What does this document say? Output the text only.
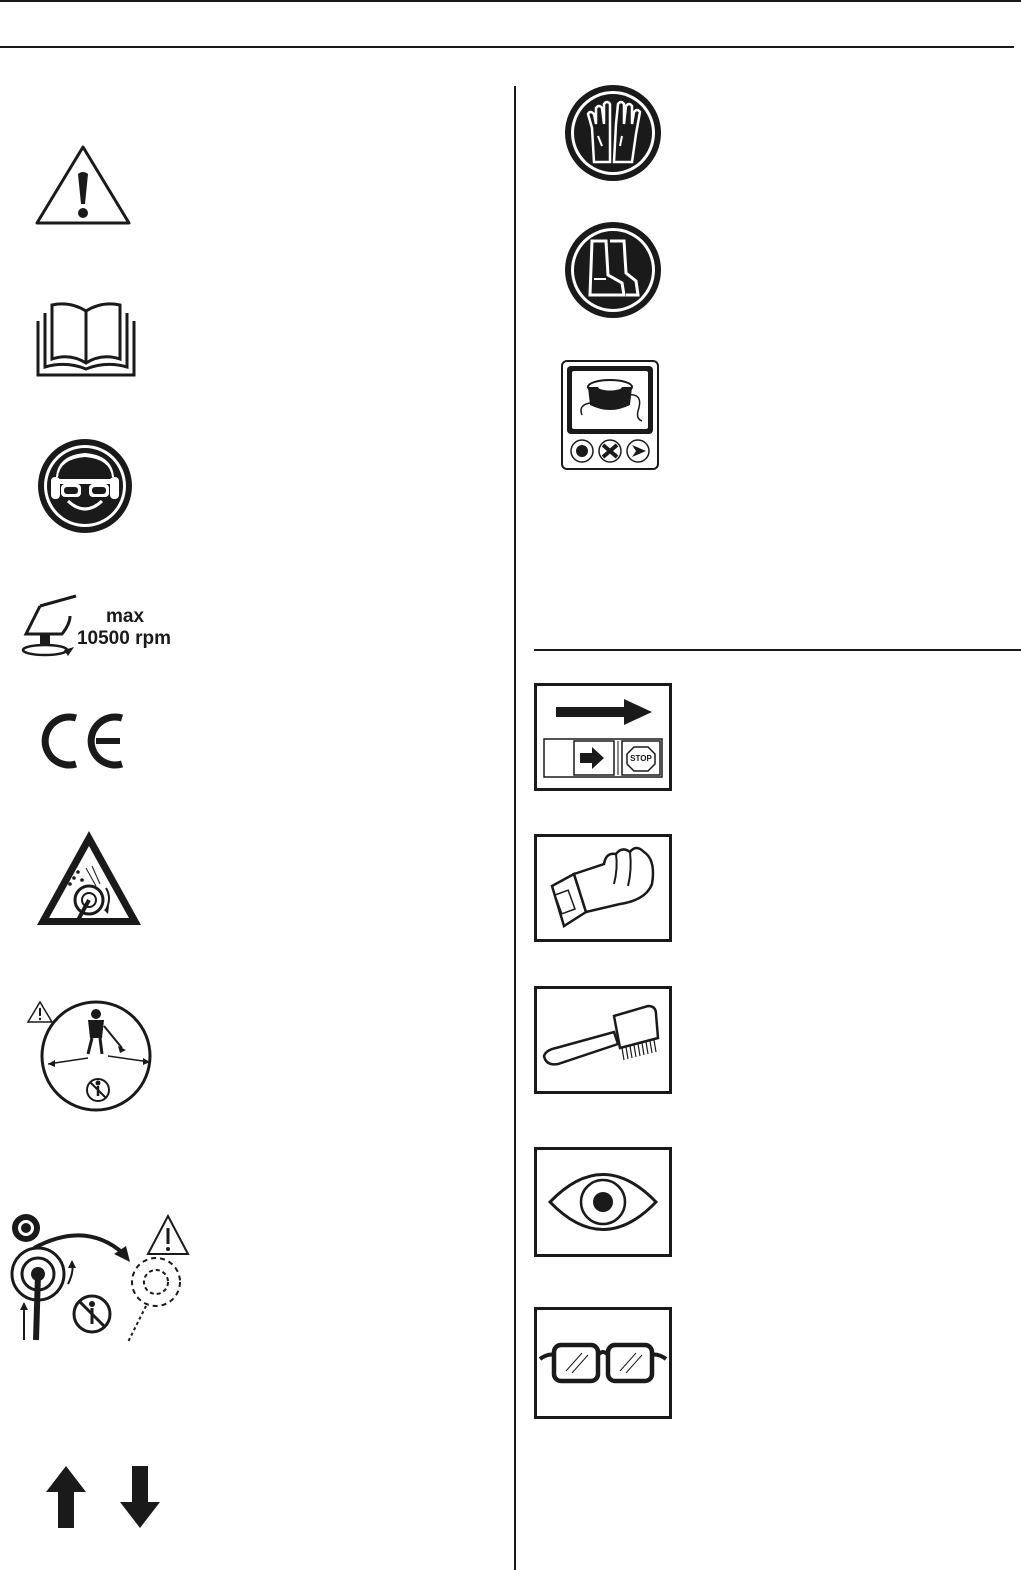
max
10500 rpm
STOP
